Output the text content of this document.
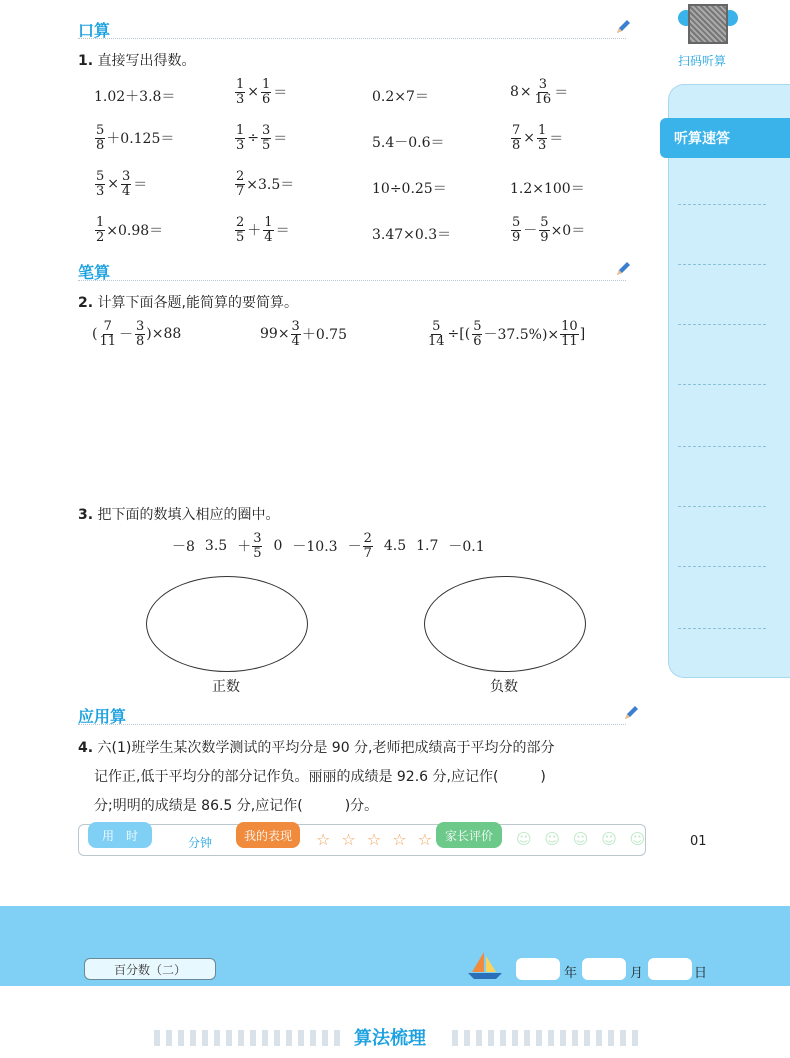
口算
1. 直接写出得数。
1.02＋3.8＝	$\frac{1}{3} \times \frac{1}{6}$ ＝	0.2×7＝	$8 \times \frac{3}{16}$ ＝
$\frac{5}{8} +0.125=$	$\frac{1}{3} \div \frac{3}{5}$ ＝	5.4－0.6＝	$\frac{7}{8} \times \frac{1}{3}$ ＝
$\frac{5}{3} \times \frac{3}{4}$ ＝	$\frac{2}{7} \times 3.5=$	10÷0.25＝	1.2×100＝
$\frac{1}{2} \times 0.98=$	$\frac{2}{5} + \frac{1}{4}$ ＝	3.47×0.3＝	$\frac{5}{9} - \frac{5}{9} \times 0=$
笔算
2. 计算下面各题,能简算的要简算。
( $\frac{7}{11} - \frac{3}{8} )\times 88$	$99\times \frac{3}{4} +0.75$	$\frac{5}{14}$ ÷[( $\frac{5}{6} -37.5\%)\times \frac{10}{11}$ ]
3. 把下面的数填入相应的圈中。
－8 $3.5 + \frac{3}{5} 0 -10.3 - \frac{2}{7} 4.5$ 1.7 －0.1
正数	负数
应用算
4. 六(1)班学生某次数学测试的平均分是 90 分,老师把成绩高于平均分的部分
记作正,低于平均分的部分记作负。丽丽的成绩是 92.6 分,应记作(　　　)
分;明明的成绩是 86.5 分,应记作(　　　)分。
扫码听算
听算速答
用　时
分钟
我的表现	☆ ☆ ☆ ☆ ☆ 家长评价	☺ ☺ ☺ ☺ ☺	01
百分数（二）	年	月	日
算法梳理
